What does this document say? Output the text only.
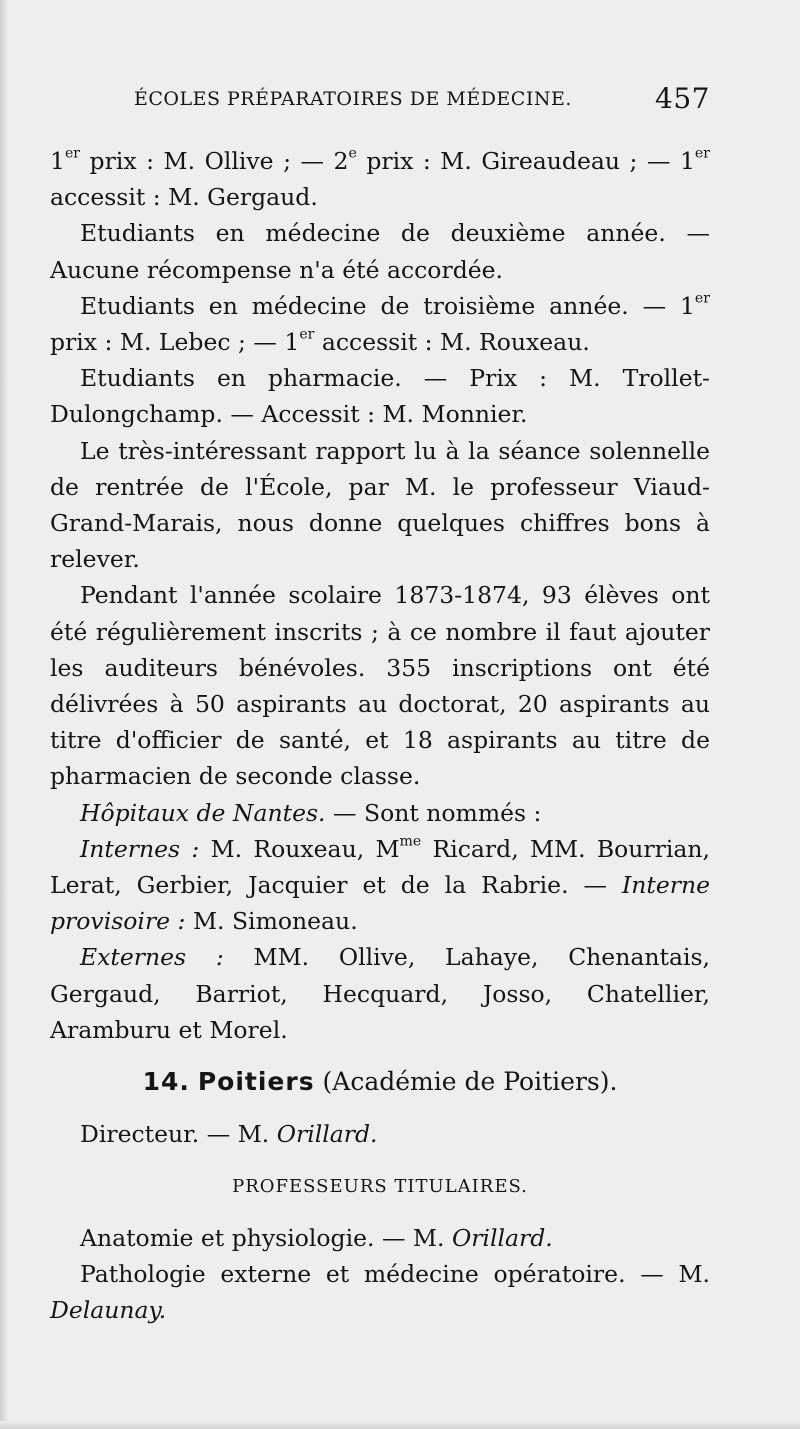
ÉCOLES PRÉPARATOIRES DE MÉDECINE.	457

1er prix : M. Ollive ; — 2e prix : M. Gireaudeau ; — 1er accessit : M. Gergaud.

Etudiants en médecine de deuxième année. — Aucune récompense n'a été accordée.

Etudiants en médecine de troisième année. — 1er prix : M. Lebec ; — 1er accessit : M. Rouxeau.

Etudiants en pharmacie. — Prix : M. Trollet-Dulongchamp. — Accessit : M. Monnier.

Le très-intéressant rapport lu à la séance solennelle de rentrée de l'École, par M. le professeur Viaud-Grand-Marais, nous donne quelques chiffres bons à relever.

Pendant l'année scolaire 1873-1874, 93 élèves ont été régulièrement inscrits ; à ce nombre il faut ajouter les auditeurs bénévoles. 355 inscriptions ont été délivrées à 50 aspirants au doctorat, 20 aspirants au titre d'officier de santé, et 18 aspirants au titre de pharmacien de seconde classe.

Hôpitaux de Nantes. — Sont nommés :

Internes : M. Rouxeau, $M^{me}$ Ricard, MM. Bourrian, Lerat, Gerbier, Jacquier et de la Rabrie. — Interne provisoire : M. Simoneau.

Externes : MM. Ollive, Lahaye, Chenantais, Gergaud, Barriot, Hecquard, Josso, Chatellier, Aramburu et Morel.

14. Poitiers (Académie de Poitiers).

Directeur. — M. Orillard.

PROFESSEURS TITULAIRES.

Anatomie et physiologie. — M. Orillard.

Pathologie externe et médecine opératoire. — M. Delaunay.
